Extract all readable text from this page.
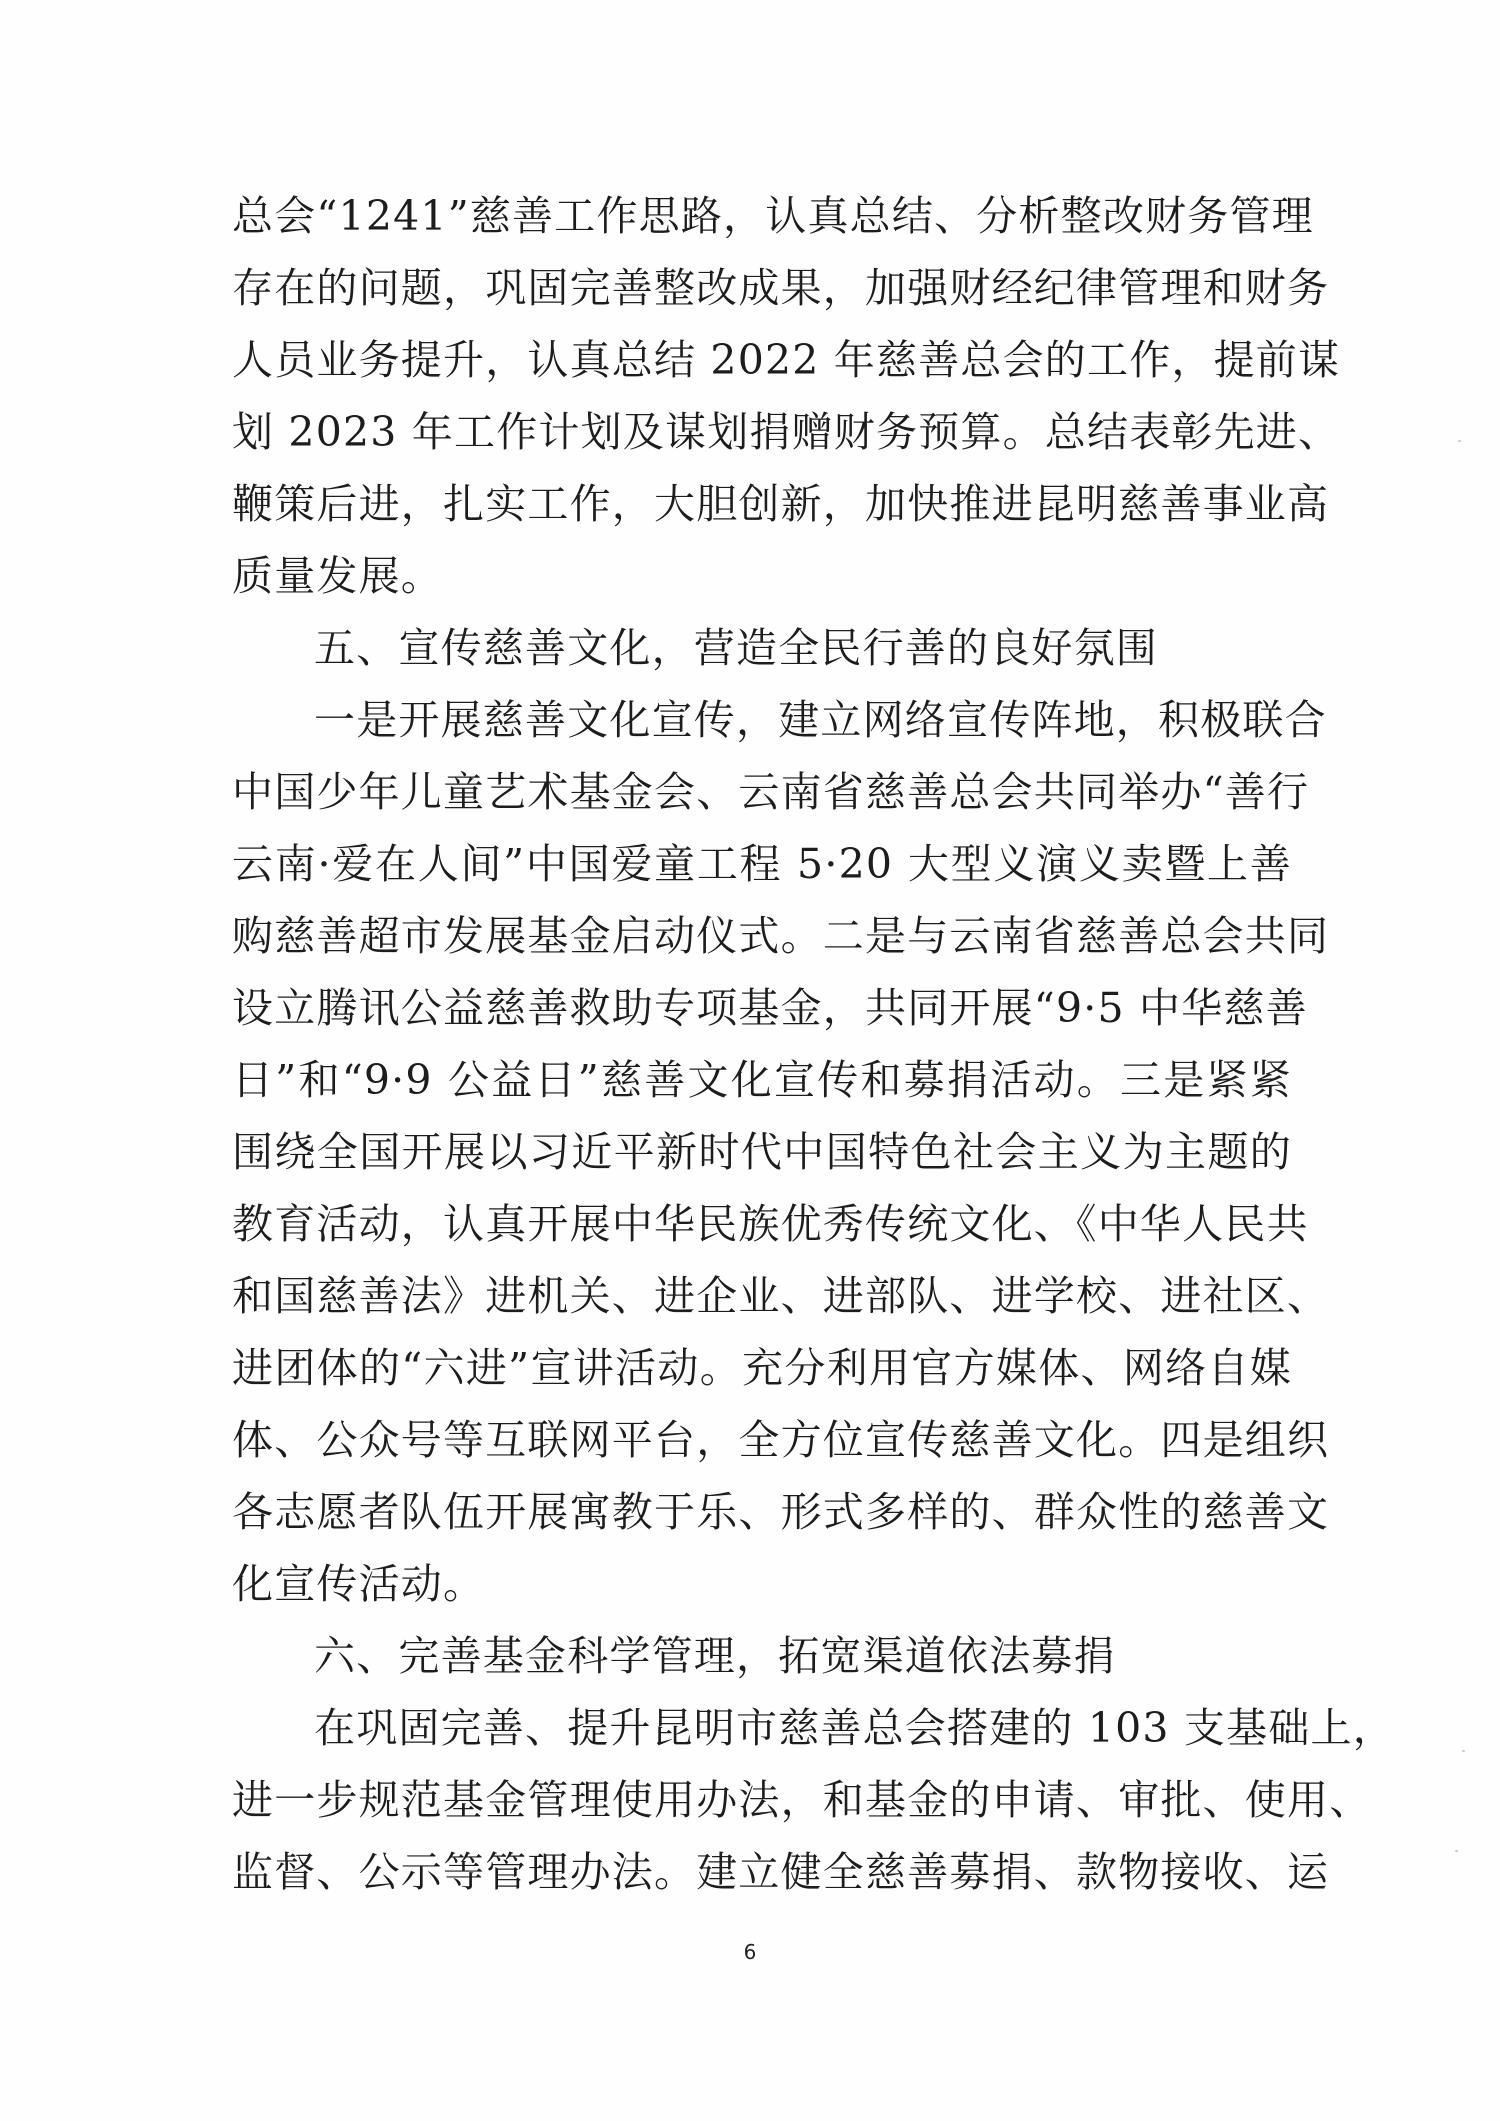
总会“1241”慈善工作思路，认真总结、分析整改财务管理
存在的问题，巩固完善整改成果，加强财经纪律管理和财务
人员业务提升，认真总结 2022 年慈善总会的工作，提前谋
划 2023 年工作计划及谋划捐赠财务预算。总结表彰先进、
鞭策后进，扎实工作，大胆创新，加快推进昆明慈善事业高
质量发展。
五、宣传慈善文化，营造全民行善的良好氛围
一是开展慈善文化宣传，建立网络宣传阵地，积极联合
中国少年儿童艺术基金会、云南省慈善总会共同举办“善行
云南·爱在人间”中国爱童工程 5·20 大型义演义卖暨上善
购慈善超市发展基金启动仪式。二是与云南省慈善总会共同
设立腾讯公益慈善救助专项基金，共同开展“9·5 中华慈善
日”和“9·9 公益日”慈善文化宣传和募捐活动。三是紧紧
围绕全国开展以习近平新时代中国特色社会主义为主题的
教育活动，认真开展中华民族优秀传统文化、《中华人民共
和国慈善法》进机关、进企业、进部队、进学校、进社区、
进团体的“六进”宣讲活动。充分利用官方媒体、网络自媒
体、公众号等互联网平台，全方位宣传慈善文化。四是组织
各志愿者队伍开展寓教于乐、形式多样的、群众性的慈善文
化宣传活动。
六、完善基金科学管理，拓宽渠道依法募捐
在巩固完善、提升昆明市慈善总会搭建的 103 支基础上，
进一步规范基金管理使用办法，和基金的申请、审批、使用、
监督、公示等管理办法。建立健全慈善募捐、款物接收、运
6
